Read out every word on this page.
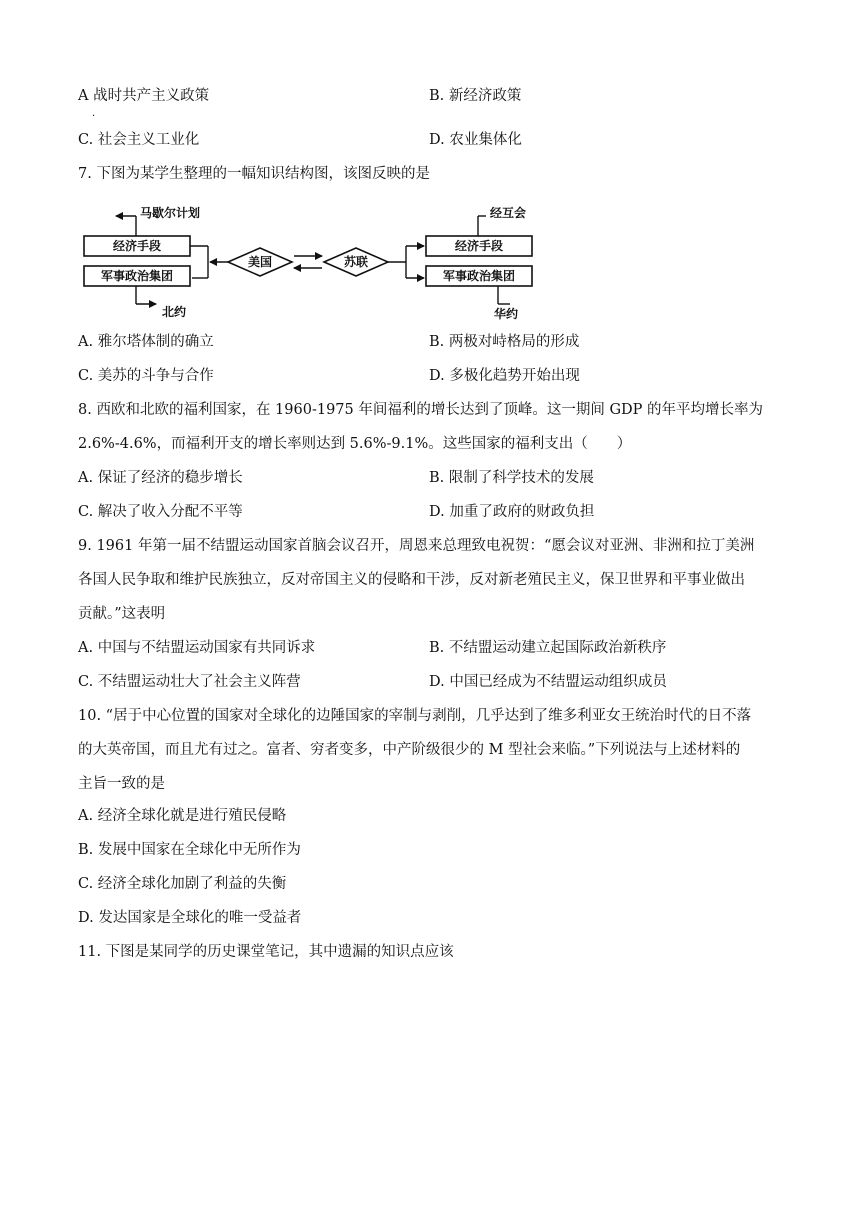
A 战时共产主义政策	B. 新经济政策
·
C. 社会主义工业化	D. 农业集体化
7. 下图为某学生整理的一幅知识结构图，该图反映的是
马歇尔计划
经济手段
军事政治集团
北约
美国	苏联
经互会
经济手段
军事政治集团
华约
A. 雅尔塔体制的确立	B. 两极对峙格局的形成
C. 美苏的斗争与合作	D. 多极化趋势开始出现
8. 西欧和北欧的福利国家，在 1960-1975 年间福利的增长达到了顶峰。这一期间 GDP 的年平均增长率为
2.6%-4.6%，而福利开支的增长率则达到 5.6%-9.1%。这些国家的福利支出（　　）
A. 保证了经济的稳步增长	B. 限制了科学技术的发展
C. 解决了收入分配不平等	D. 加重了政府的财政负担
9. 1961 年第一届不结盟运动国家首脑会议召开，周恩来总理致电祝贺：“愿会议对亚洲、非洲和拉丁美洲
各国人民争取和维护民族独立，反对帝国主义的侵略和干涉，反对新老殖民主义，保卫世界和平事业做出
贡献。”这表明
A. 中国与不结盟运动国家有共同诉求	B. 不结盟运动建立起国际政治新秩序
C. 不结盟运动壮大了社会主义阵营	D. 中国已经成为不结盟运动组织成员
10. “居于中心位置的国家对全球化的边陲国家的宰制与剥削，几乎达到了维多利亚女王统治时代的日不落
的大英帝国，而且尤有过之。富者、穷者变多，中产阶级很少的 M 型社会来临。”下列说法与上述材料的
主旨一致的是
A. 经济全球化就是进行殖民侵略
B. 发展中国家在全球化中无所作为
C. 经济全球化加剧了利益的失衡
D. 发达国家是全球化的唯一受益者
11. 下图是某同学的历史课堂笔记，其中遗漏的知识点应该
